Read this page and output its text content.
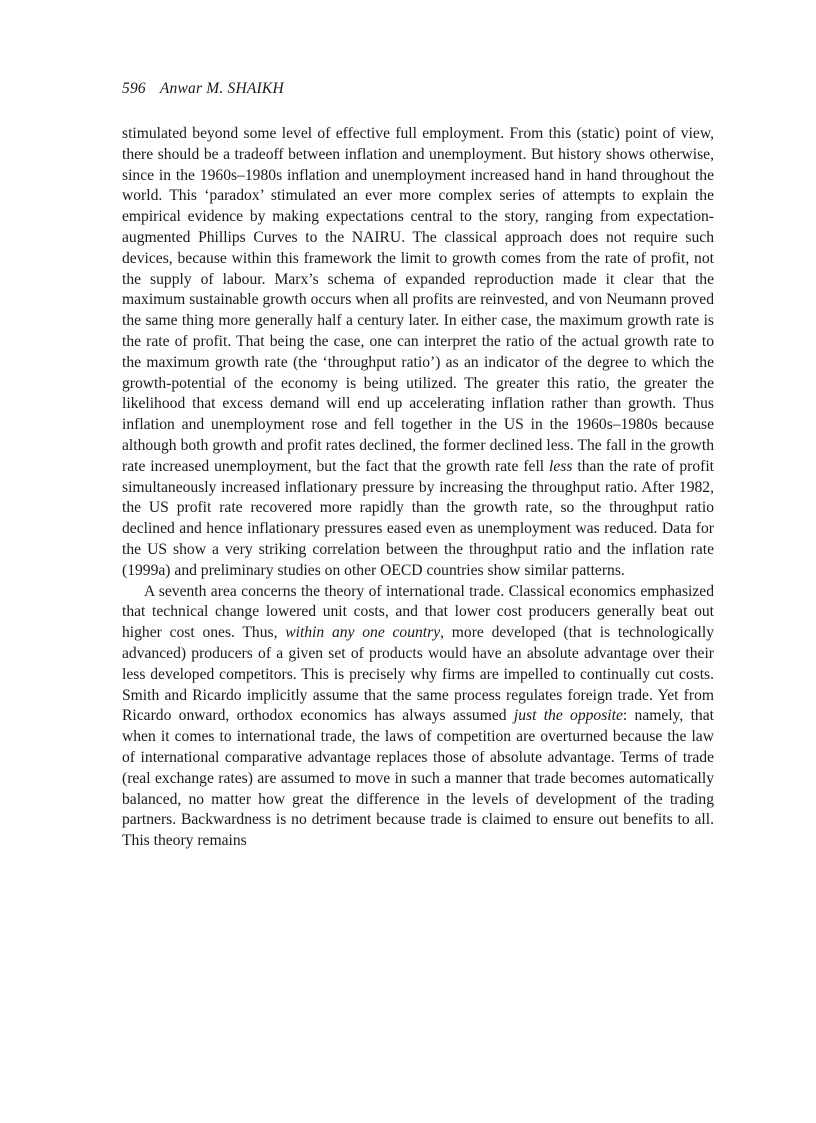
596 Anwar M. SHAIKH

stimulated beyond some level of effective full employment. From this (static) point of view, there should be a tradeoff between inflation and unemployment. But history shows otherwise, since in the 1960s–1980s inflation and unemployment increased hand in hand throughout the world. This ‘paradox’ stimulated an ever more complex series of attempts to explain the empirical evidence by making expectations central to the story, ranging from expectation-augmented Phillips Curves to the NAIRU. The classical approach does not require such devices, because within this framework the limit to growth comes from the rate of profit, not the supply of labour. Marx’s schema of expanded reproduction made it clear that the maximum sustainable growth occurs when all profits are reinvested, and von Neumann proved the same thing more generally half a century later. In either case, the maximum growth rate is the rate of profit. That being the case, one can interpret the ratio of the actual growth rate to the maximum growth rate (the ‘throughput ratio’) as an indicator of the degree to which the growth-potential of the economy is being utilized. The greater this ratio, the greater the likelihood that excess demand will end up accelerating inflation rather than growth. Thus inflation and unemployment rose and fell together in the US in the 1960s–1980s because although both growth and profit rates declined, the former declined less. The fall in the growth rate increased unemployment, but the fact that the growth rate fell less than the rate of profit simultaneously increased inflationary pressure by increasing the throughput ratio. After 1982, the US profit rate recovered more rapidly than the growth rate, so the throughput ratio declined and hence inflationary pressures eased even as unemployment was reduced. Data for the US show a very striking correlation between the throughput ratio and the inflation rate (1999a) and preliminary studies on other OECD countries show similar patterns.

A seventh area concerns the theory of international trade. Classical economics emphasized that technical change lowered unit costs, and that lower cost producers generally beat out higher cost ones. Thus, within any one country, more developed (that is technologically advanced) producers of a given set of products would have an absolute advantage over their less developed competitors. This is precisely why firms are impelled to continually cut costs. Smith and Ricardo implicitly assume that the same process regulates foreign trade. Yet from Ricardo onward, orthodox economics has always assumed just the opposite: namely, that when it comes to international trade, the laws of competition are overturned because the law of international comparative advantage replaces those of absolute advantage. Terms of trade (real exchange rates) are assumed to move in such a manner that trade becomes automatically balanced, no matter how great the difference in the levels of development of the trading partners. Backwardness is no detriment because trade is claimed to ensure out benefits to all. This theory remains
